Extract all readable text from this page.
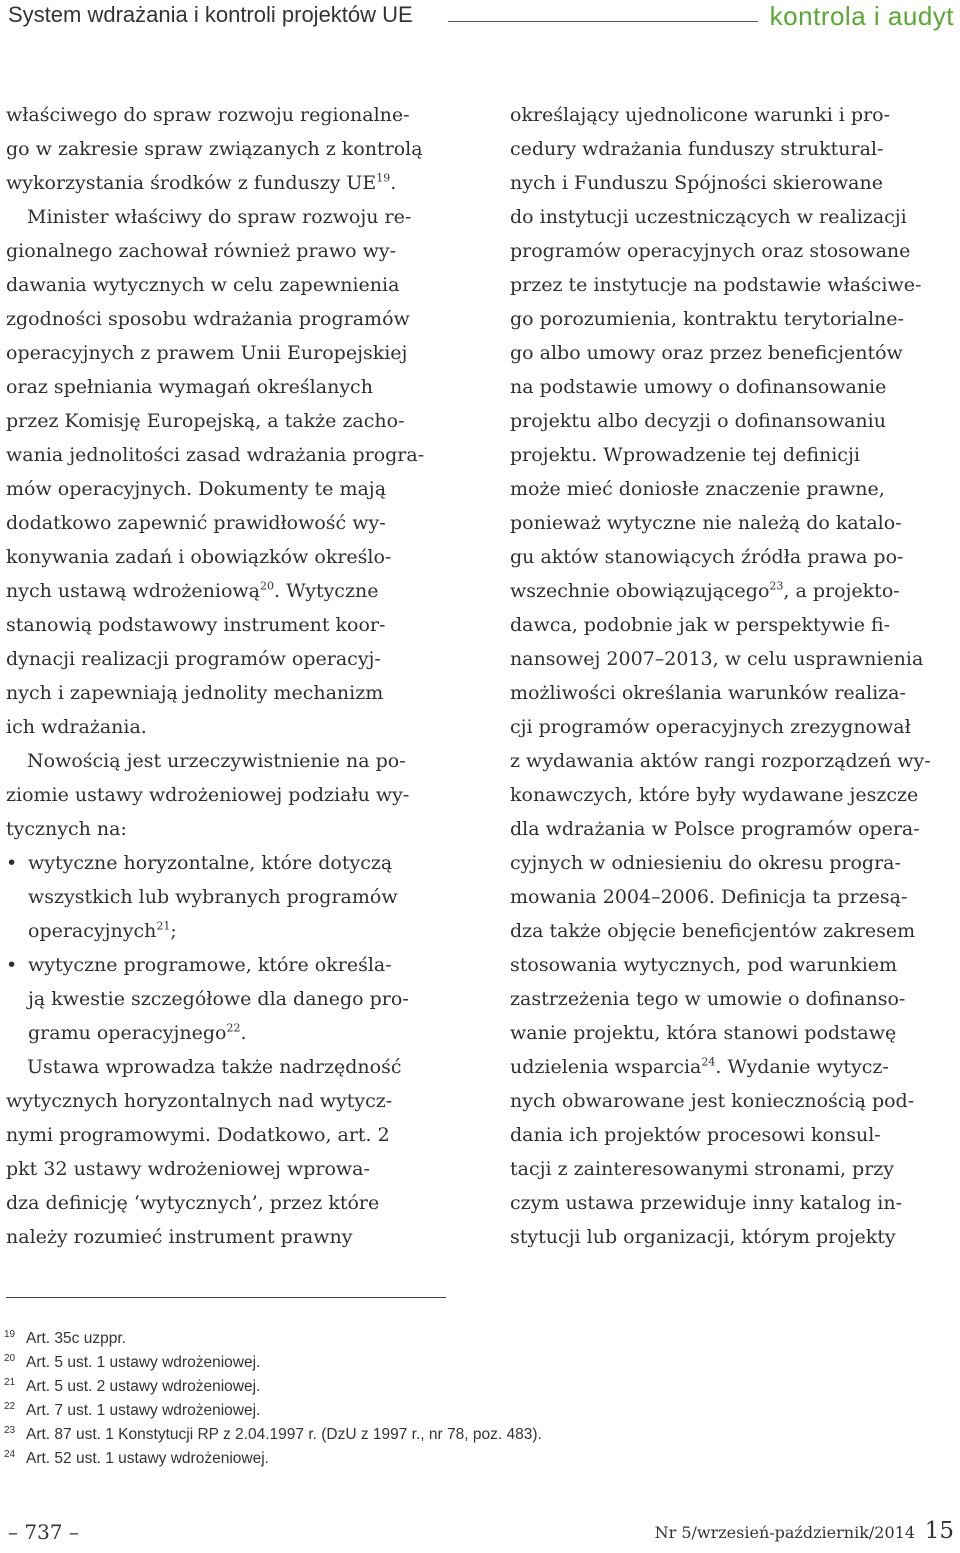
System wdrażania i kontroli projektów UE	kontrola i audyt
właściwego do spraw rozwoju regionalne-
go w zakresie spraw związanych z kontrolą
wykorzystania środków z funduszy UE$^{19}$.
Minister właściwy do spraw rozwoju re-
gionalnego zachował również prawo wy-
dawania wytycznych w celu zapewnienia
zgodności sposobu wdrażania programów
operacyjnych z prawem Unii Europejskiej
oraz spełniania wymagań określanych
przez Komisję Europejską, a także zacho-
wania jednolitości zasad wdrażania progra-
mów operacyjnych. Dokumenty te mają
dodatkowo zapewnić prawidłowość wy-
konywania zadań i obowiązków określo-
nych ustawą wdrożeniową$^{20}$. Wytyczne
stanowią podstawowy instrument koor-
dynacji realizacji programów operacyj-
nych i zapewniają jednolity mechanizm
ich wdrażania.
Nowością jest urzeczywistnienie na po-
ziomie ustawy wdrożeniowej podziału wy-
tycznych na:
• wytyczne horyzontalne, które dotyczą
wszystkich lub wybranych programów
operacyjnych$^{21}$;
• wytyczne programowe, które określa-
ją kwestie szczegółowe dla danego pro-
gramu operacyjnego$^{22}$.
Ustawa wprowadza także nadrzędność
wytycznych horyzontalnych nad wytycz-
nymi programowymi. Dodatkowo, art. 2
pkt 32 ustawy wdrożeniowej wprowa-
dza definicję ‘wytycznych’, przez które
należy rozumieć instrument prawny
określający ujednolicone warunki i pro-
cedury wdrażania funduszy struktural-
nych i Funduszu Spójności skierowane
do instytucji uczestniczących w realizacji
programów operacyjnych oraz stosowane
przez te instytucje na podstawie właściwe-
go porozumienia, kontraktu terytorialne-
go albo umowy oraz przez beneficjentów
na podstawie umowy o dofinansowanie
projektu albo decyzji o dofinansowaniu
projektu. Wprowadzenie tej definicji
może mieć doniosłe znaczenie prawne,
ponieważ wytyczne nie należą do katalo-
gu aktów stanowiących źródła prawa po-
wszechnie obowiązującego$^{23}$, a projekto-
dawca, podobnie jak w perspektywie fi-
nansowej 2007–2013, w celu usprawnienia
możliwości określania warunków realiza-
cji programów operacyjnych zrezygnował
z wydawania aktów rangi rozporządzeń wy-
konawczych, które były wydawane jeszcze
dla wdrażania w Polsce programów opera-
cyjnych w odniesieniu do okresu progra-
mowania 2004–2006. Definicja ta przesą-
dza także objęcie beneficjentów zakresem
stosowania wytycznych, pod warunkiem
zastrzeżenia tego w umowie o dofinanso-
wanie projektu, która stanowi podstawę
udzielenia wsparcia$^{24}$. Wydanie wytycz-
nych obwarowane jest koniecznością pod-
dania ich projektów procesowi konsul-
tacji z zainteresowanymi stronami, przy
czym ustawa przewiduje inny katalog in-
stytucji lub organizacji, którym projekty
19 Art. 35c uzppr.
20 Art. 5 ust. 1 ustawy wdrożeniowej.
21 Art. 5 ust. 2 ustawy wdrożeniowej.
22 Art. 7 ust. 1 ustawy wdrożeniowej.
23 Art. 87 ust. 1 Konstytucji RP z 2.04.1997 r. (DzU z 1997 r., nr 78, poz. 483).
24 Art. 52 ust. 1 ustawy wdrożeniowej.
– 737 –	Nr 5/wrzesień-październik/2014 15
